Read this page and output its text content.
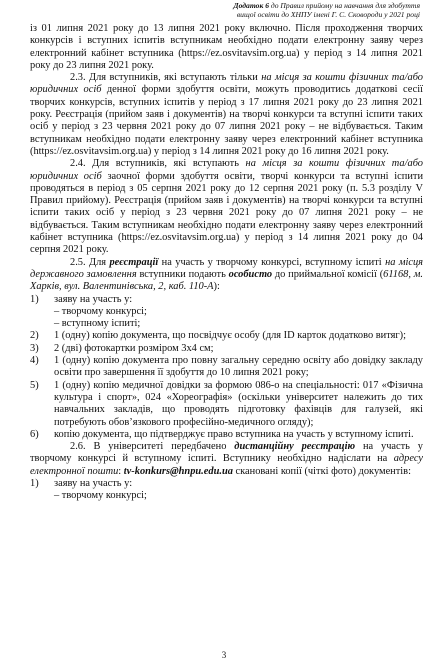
Додаток 6 до Правил прийому на навчання для здобуття
вищої освіти до ХНПУ імені Г. С. Сковороди у 2021 році

із 01 липня 2021 року до 13 липня 2021 року включно. Після проходження творчих конкурсів і вступних іспитів вступникам необхідно подати електронну заяву через електронний кабінет вступника (https://ez.osvitavsim.org.ua) у період з 14 липня 2021 року до 23 липня 2021 року.

2.3. Для вступників, які вступають тільки на місця за кошти фізичних та/або юридичних осіб денної форми здобуття освіти, можуть проводитись додаткові сесії творчих конкурсів, вступних іспитів у період з 17 липня 2021 року до 23 липня 2021 року. Реєстрація (прийом заяв і документів) на творчі конкурси та вступні іспити таких осіб у період з 23 червня 2021 року до 07 липня 2021 року – не відбувається. Таким вступникам необхідно подати електронну заяву через електронний кабінет вступника (https://ez.osvitavsim.org.ua) у період з 14 липня 2021 року до 16 липня 2021 року.

2.4. Для вступників, які вступають на місця за кошти фізичних та/або юридичних осіб заочної форми здобуття освіти, творчі конкурси та вступні іспити проводяться в період з 05 серпня 2021 року до 12 серпня 2021 року (п. 5.3 розділу V Правил прийому). Реєстрація (прийом заяв і документів) на творчі конкурси та вступні іспити таких осіб у період з 23 червня 2021 року до 07 липня 2021 року – не відбувається. Таким вступникам необхідно подати електронну заяву через електронний кабінет вступника (https://ez.osvitavsim.org.ua) у період з 14 липня 2021 року до 04 серпня 2021 року.

2.5. Для реєстрації на участь у творчому конкурсі, вступному іспиті на місця державного замовлення вступники подають особисто до приймальної комісії (61168, м. Харків, вул. Валентинівська, 2, каб. 110-А):

1)	заяву на участь у:
– творчому конкурсі;
– вступному іспиті;
2)	1 (одну) копію документа, що посвідчує особу (для ID карток додатково витяг);
3)	2 (дві) фотокартки розміром 3х4 см;
4)	1 (одну) копію документа про повну загальну середню освіту або довідку закладу освіти про завершення її здобуття до 10 липня 2021 року;
5)	1 (одну) копію медичної довідки за формою 086-о на спеціальності: 017 «Фізична культура і спорт», 024 «Хореографія» (оскільки університет належить до тих навчальних закладів, що проводять підготовку фахівців для галузей, які потребують обов’язкового професійно-медичного огляду);
6)	копію документа, що підтверджує право вступника на участь у вступному іспиті.

2.6. В університеті передбачено дистанційну реєстрацію на участь у творчому конкурсі й вступному іспиті. Вступнику необхідно надіслати на адресу електронної пошти: tv-konkurs@hnpu.edu.ua скановані копії (чіткі фото) документів:

1)	заяву на участь у:
– творчому конкурсі;
3
